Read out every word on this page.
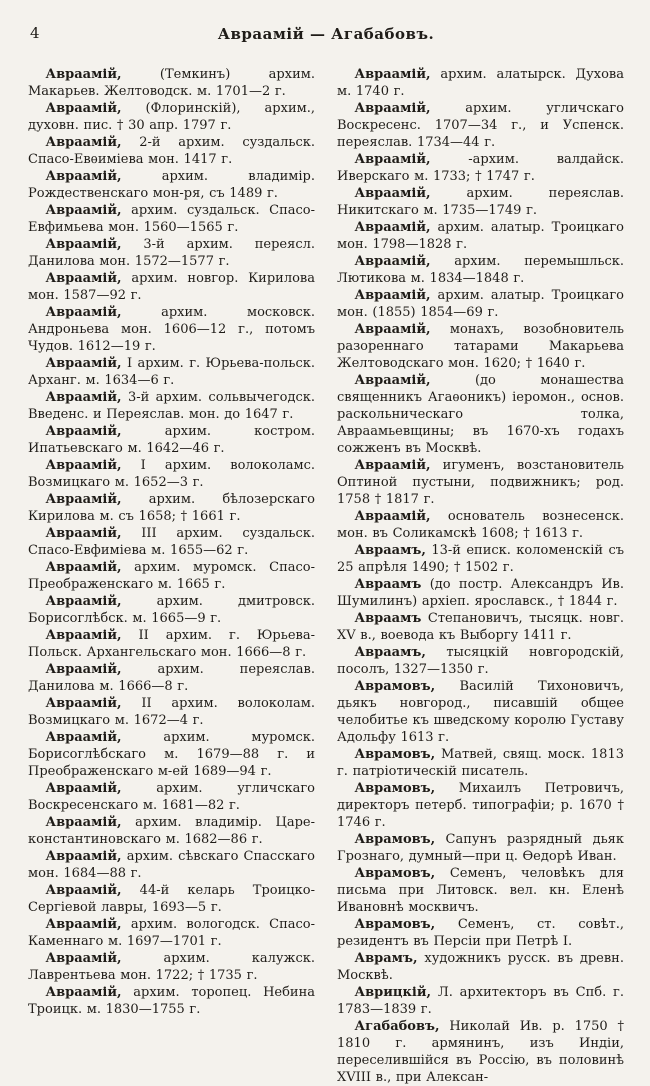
4	Авраамій — Агабабовъ.

Авраамій,	(Темкинъ) архим. Макарьев. Желтоводск. м. 1701—2 г.

Авраамій, (Флоринскій), архим., духовн. пис. † 30 апр. 1797 г.

Авраамій, 2-й архим. суздальск. Спасо-Евѳиміева мон. 1417 г.

Авраамій,	архим. владимір. Рождественскаго мон-ря, съ 1489 г.

Авраамій, архим. суздальск. Спасо-Евфимьева мон. 1560—1565 г.

Авраамій, 3-й архим. переясл. Данилова мон. 1572—1577 г.

Авраамій, архим. новгор. Кирилова мон. 1587—92 г.

Авраамій,	архим. московск. Андроньева мон. 1606—12 г., потомъ Чудов. 1612—19 г.

Авраамій, I архим. г. Юрьева-польск. Арханг. м. 1634—6 г.

Авраамій, 3-й архим. сольвычегодск. Введенс. и Переяслав. мон. до 1647 г.

Авраамій,	архим. костром. Ипатьевскаго м. 1642—46 г.

Авраамій, I архим. волоколамс. Возмицкаго м. 1652—3 г.

Авраамій, архим. бѣлозерскаго Кирилова м. съ 1658; † 1661 г.

Авраамій, III архим. суздальск. Спасо-Евфиміева м. 1655—62 г.

Авраамій, архим. муромск. Спасо-Преображенскаго м. 1665 г.

Авраамій,	архим. дмитровск. Борисоглѣбск. м. 1665—9 г.

Авраамій, II архим. г. Юрьева-Польск. Архангельскаго мон. 1666—8 г.

Авраамій,	архим. переяслав. Данилова м. 1666—8 г.

Авраамій, II архим. волоколам. Возмицкаго м. 1672—4 г.

Авраамій,	архим. муромск. Борисоглѣбскаго м. 1679—88 г. и Преображенскаго м-ей 1689—94 г.

Авраамій,	архим. угличскаго Воскресенскаго м. 1681—82 г.

Авраамій, архим. владимір. Царе-константиновскаго м. 1682—86 г.

Авраамій, архим. сѣвскаго Спасскаго мон. 1684—88 г.

Авраамій, 44-й келарь Троицко-Сергіевой лавры, 1693—5 г.

Авраамій, архим. вологодск. Спасо-Каменнаго м. 1697—1701 г.

Авраамій,	архим. калужск. Лаврентьева мон. 1722; † 1735 г.

Авраамій, архим. торопец. Небина Троицк. м. 1830—1755 г.

Авраамій, архим. алатырск. Духова м. 1740 г.

Авраамій,	архим. угличскаго Воскресенс. 1707—34 г., и Успенск. переяслав. 1734—44 г.

Авраамій,	-архим. валдайск. Иверскаго м. 1733; † 1747 г.

Авраамій,	архим. переяслав. Никитскаго м. 1735—1749 г.

Авраамій, архим. алатыр. Троицкаго мон. 1798—1828 г.

Авраамій, архим. перемышльск. Лютикова м. 1834—1848 г.

Авраамій, архим. алатыр. Троицкаго мон. (1855) 1854—69 г.

Авраамій, монахъ, возобновитель разореннаго татарами Макарьева Желтоводскаго мон. 1620; † 1640 г.

Авраамій,	(до монашества священникъ Агаѳоникъ) іеромон., основ. раскольническаго толка, Авраамьевщины; въ 1670-хъ годахъ сожженъ въ Москвѣ.

Авраамій, игуменъ, возстановитель Оптиной пустыни, подвижникъ; род. 1758 † 1817 г.

Авраамій, основатель вознесенск. мон. въ Соликамскѣ 1608; † 1613 г.

Авраамъ, 13-й еписк. коломенскій съ 25 апрѣля 1490; † 1502 г.

Авраамъ (до постр. Александръ Ив. Шумилинъ) архіеп. ярославск., † 1844 г.

Авраамъ Степановичъ, тысяцк. новг. XV в., воевода къ Выборгу 1411 г.

Авраамъ, тысяцкій новгородскій, посолъ, 1327—1350 г.

Аврамовъ, Василій Тихоновичъ, дьякъ новгород., писавшій общее челобитье къ шведскому королю Густаву Адольфу 1613 г.

Аврамовъ, Матвей, свящ. моск. 1813 г. патріотическій писатель.

Аврамовъ, Михаилъ Петровичъ, директоръ петерб. типографіи; р. 1670 † 1746 г.

Аврамовъ, Сапунъ разрядный дьяк Грознаго, думный—при ц. Ѳедорѣ Иван.

Аврамовъ, Семенъ, человѣкъ для письма при Литовск. вел. кн. Еленѣ Ивановнѣ москвичъ.

Аврамовъ, Семенъ, ст. совѣт., резидентъ въ Персіи при Петрѣ I.

Аврамъ, художникъ русск. въ древн. Москвѣ.

Аврицкій, Л. архитекторъ въ Спб. г. 1783—1839 г.

Агабабовъ, Николай Ив. р. 1750 † 1810 г. армянинъ, изъ Индіи, переселившійся въ Россію, въ половинѣ XVIII в., при Алексан-
